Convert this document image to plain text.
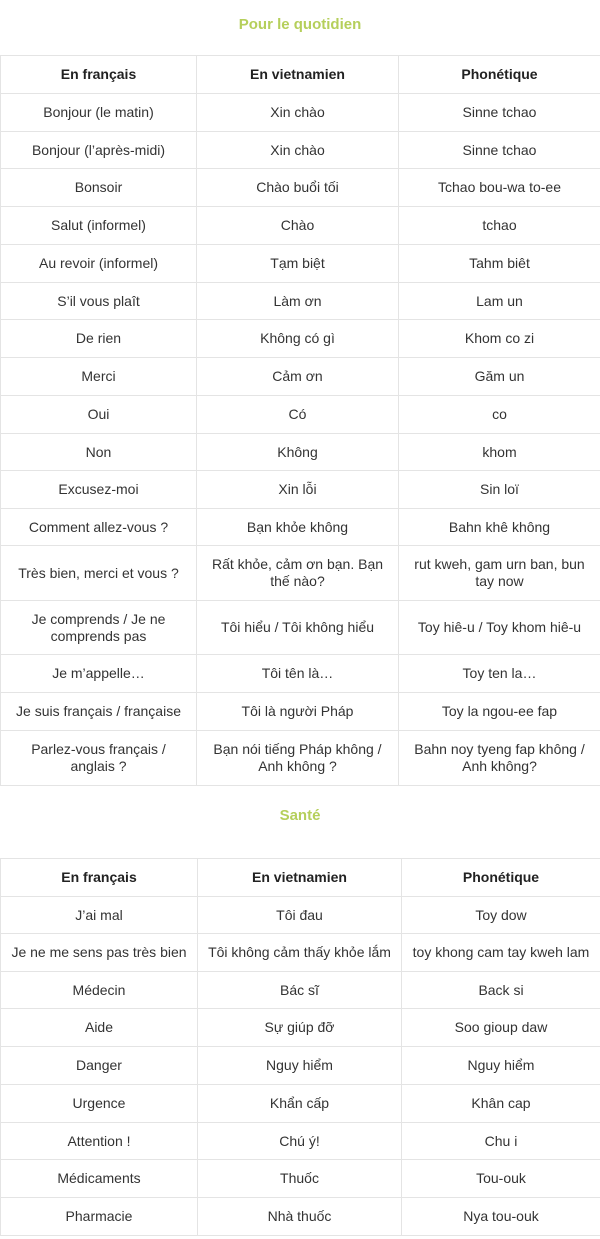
Pour le quotidien
En français	En vietnamien	Phonétique
Bonjour (le matin)	Xin chào	Sinne tchao
Bonjour (l’après-midi)	Xin chào	Sinne tchao
Bonsoir	Chào buổi tối	Tchao bou-wa to-ee
Salut (informel)	Chào	tchao
Au revoir (informel)	Tạm biệt	Tahm biêt
S’il vous plaît	Làm ơn	Lam un
De rien	Không có gì	Khom co zi
Merci	Cảm ơn	Găm un
Oui	Có	co
Non	Không	khom
Excusez-moi	Xin lỗi	Sin loï
Comment allez-vous ?	Bạn khỏe không	Bahn khê không
Très bien, merci et vous ?	Rất khỏe, cảm ơn bạn. Bạn thế nào?	rut kweh, gam urn ban, bun tay now
Je comprends / Je ne comprends pas	Tôi hiểu / Tôi không hiểu	Toy hiê-u / Toy khom hiê-u
Je m’appelle…	Tôi tên là…	Toy ten la…
Je suis français / française	Tôi là người Pháp	Toy la ngou-ee fap
Parlez-vous français / anglais ?	Bạn nói tiếng Pháp không / Anh không ?	Bahn noy tyeng fap không / Anh không?
Santé
En français	En vietnamien	Phonétique
J’ai mal	Tôi đau	Toy dow
Je ne me sens pas très bien	Tôi không cảm thấy khỏe lắm	toy khong cam tay kweh lam
Médecin	Bác sĩ	Back si
Aide	Sự giúp đỡ	Soo gioup daw
Danger	Nguy hiểm	Nguy hiểm
Urgence	Khẩn cấp	Khân cap
Attention !	Chú ý!	Chu i
Médicaments	Thuốc	Tou-ouk
Pharmacie	Nhà thuốc	Nya tou-ouk
